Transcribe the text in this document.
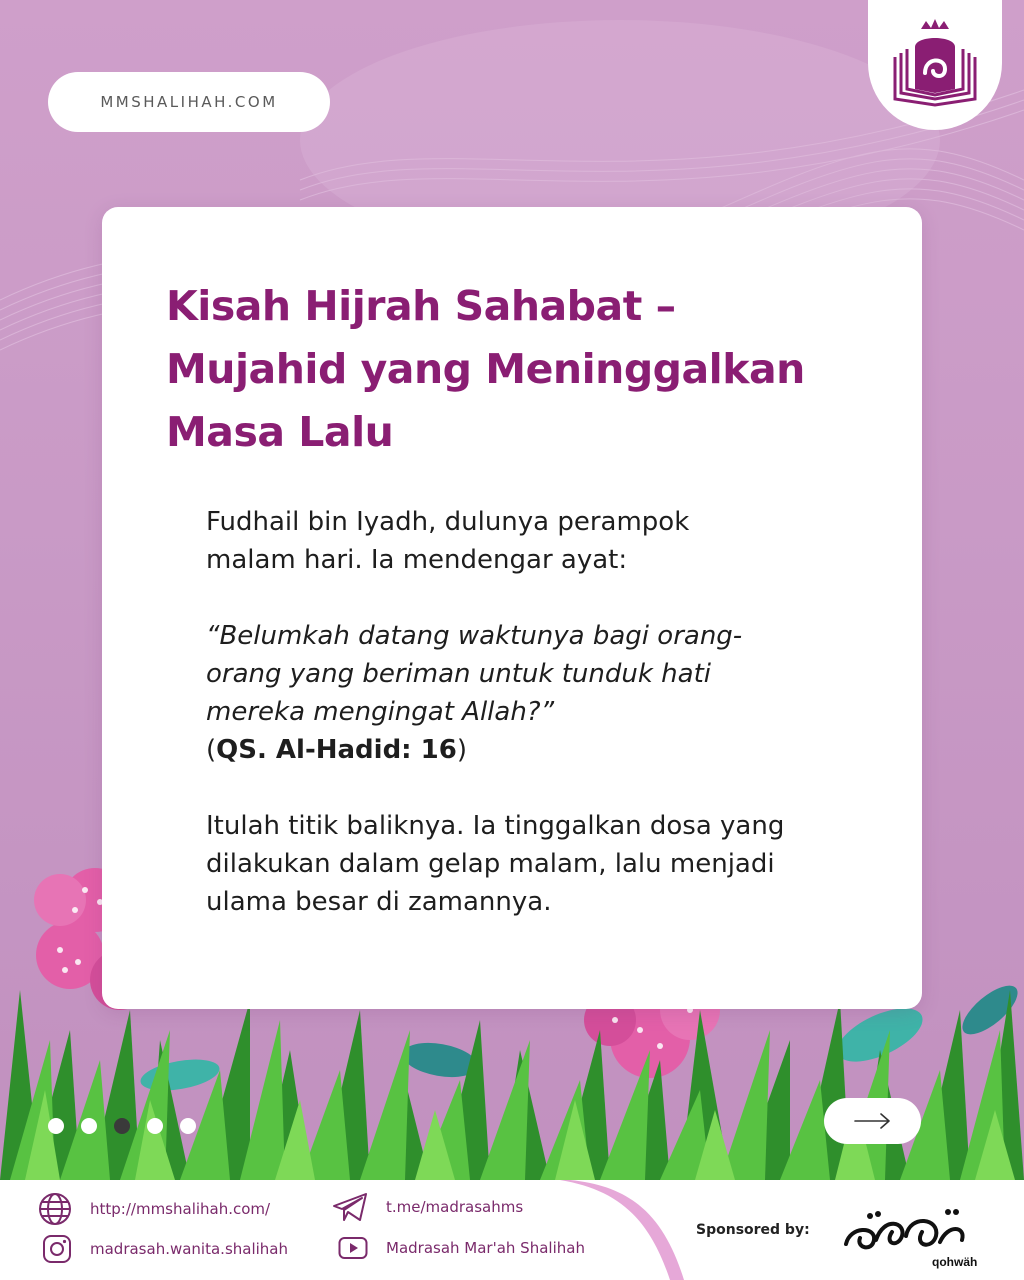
MMSHALIHAH.COM
Kisah Hijrah Sahabat –
Mujahid yang Meninggalkan
Masa Lalu

Fudhail bin Iyadh, dulunya perampok

malam hari. Ia mendengar ayat:

“Belumkah datang waktunya bagi orang-

orang yang beriman untuk tunduk hati

mereka mengingat Allah?”

(QS. Al-Hadid: 16)

Itulah titik baliknya. Ia tinggalkan dosa yang

dilakukan dalam gelap malam, lalu menjadi

ulama besar di zamannya.

http://mmshalihah.com/
madrasah.wanita.shalihah
t.me/madrasahms
Madrasah Mar'ah Shalihah
Sponsored by:
qohwäh
